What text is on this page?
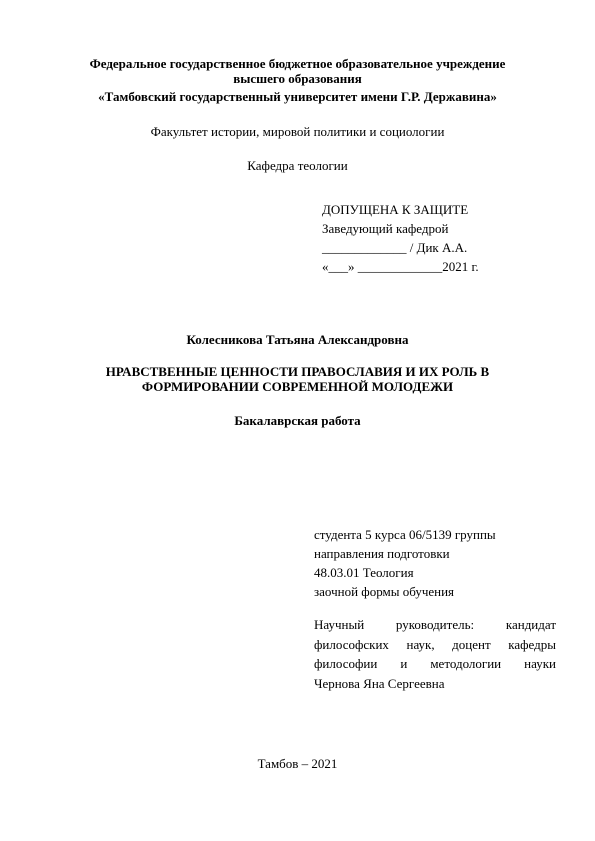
Федеральное государственное бюджетное образовательное учреждение
высшего образования
«Тамбовский государственный университет имени Г.Р. Державина»
Факультет истории, мировой политики и социологии
Кафедра теологии
ДОПУЩЕНА К ЗАЩИТЕ
Заведующий кафедрой
_____________ / Дик А.А.
«___» _____________2021 г.
Колесникова Татьяна Александровна
НРАВСТВЕННЫЕ ЦЕННОСТИ ПРАВОСЛАВИЯ И ИХ РОЛЬ В
ФОРМИРОВАНИИ СОВРЕМЕННОЙ МОЛОДЕЖИ
Бакалаврская работа
студента 5 курса 06/5139 группы
направления подготовки
48.03.01 Теология
заочной формы обучения
Научный руководитель: кандидат
философских наук, доцент кафедры
философии и методологии науки
Чернова Яна Сергеевна
Тамбов – 2021
